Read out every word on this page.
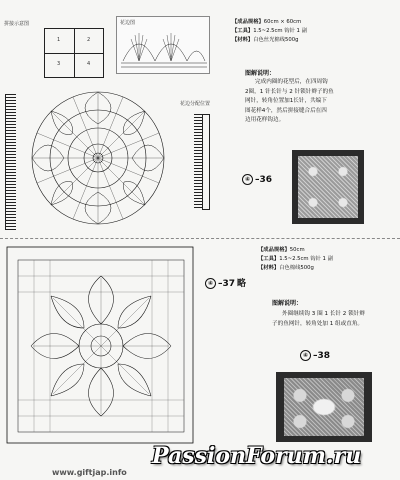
拼接示意图
1	2
3	4
花边图
花边分配位置
【成品规格】60cm × 60cm
【工具】1.5~2.5cm 钩针 1 副
【材料】白色丝光棉线500g
图解说明：
完成内圈的花型后，在四周钩
2圈，1 针长针与 2 针锁针辫子的鱼
网针，转角位置加1长针，共编下
图花样4个，然后拼接缝合后在四
边用花样钩边。
④ –36
④ –37 略
【成品规格】50cm
【工具】1.5~2.5cm 钩针 1 副
【材料】白色棉线500g
图解说明：
外圈继续钩 3 圈 1 长针 2 锁针辫
子的鱼网针，转角处加 1 组或直角。
④ –38
www.giftjap.info
PassionForum.ru
